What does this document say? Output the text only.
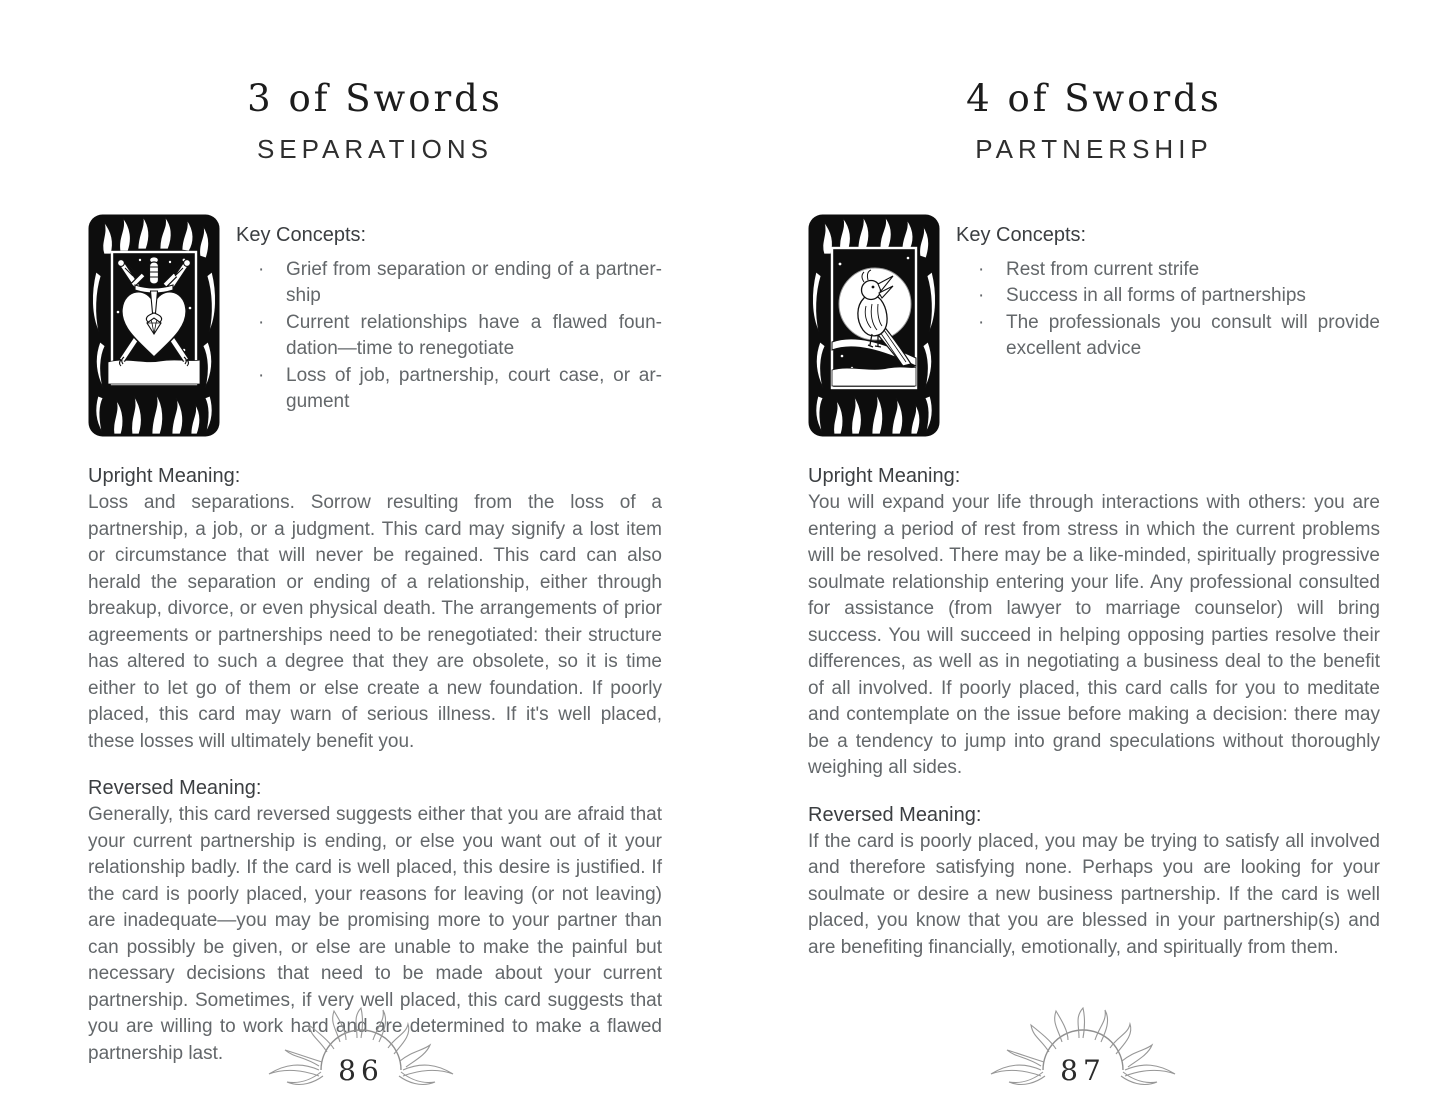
3 of Swords
SEPARATIONS
Key Concepts:
·	Grief from separation or ending of a partnership
·	Current relationships have a flawed foundation—time to renegotiate
·	Loss of job, partnership, court case, or argument
Upright Meaning:

Loss and separations. Sorrow resulting from the loss of a partnership, a job, or a judgment. This card may signify a lost item or circumstance that will never be regained. This card can also herald the separation or ending of a relationship, either through breakup, divorce, or even physical death. The arrangements of prior agreements or partnerships need to be renegotiated: their structure has altered to such a degree that they are obsolete, so it is time either to let go of them or else create a new foundation. If poorly placed, this card may warn of serious illness. If it's well placed, these losses will ultimately benefit you.

Reversed Meaning:

Generally, this card reversed suggests either that you are afraid that your current partnership is ending, or else you want out of it your relationship badly. If the card is well placed, this desire is justified. If the card is poorly placed, your reasons for leaving (or not leaving) are inadequate—you may be promising more to your partner than can possibly be given, or else are unable to make the painful but necessary decisions that need to be made about your current partnership. Sometimes, if very well placed, this card suggests that you are willing to work hard and are determined to make a flawed partnership last.

86
4 of Swords
PARTNERSHIP
Key Concepts:
·	Rest from current strife
·	Success in all forms of partnerships
·	The professionals you consult will provide excellent advice
Upright Meaning:

You will expand your life through interactions with others: you are entering a period of rest from stress in which the current problems will be resolved. There may be a like-minded, spiritually progressive soulmate relationship entering your life. Any professional consulted for assistance (from lawyer to marriage counselor) will bring success. You will succeed in helping opposing parties resolve their differences, as well as in negotiating a business deal to the benefit of all involved. If poorly placed, this card calls for you to meditate and contemplate on the issue before making a decision: there may be a tendency to jump into grand speculations without thoroughly weighing all sides.

Reversed Meaning:

If the card is poorly placed, you may be trying to satisfy all involved and therefore satisfying none. Perhaps you are looking for your soulmate or desire a new business partnership. If the card is well placed, you know that you are blessed in your partnership(s) and are benefiting financially, emotionally, and spiritually from them.

87
